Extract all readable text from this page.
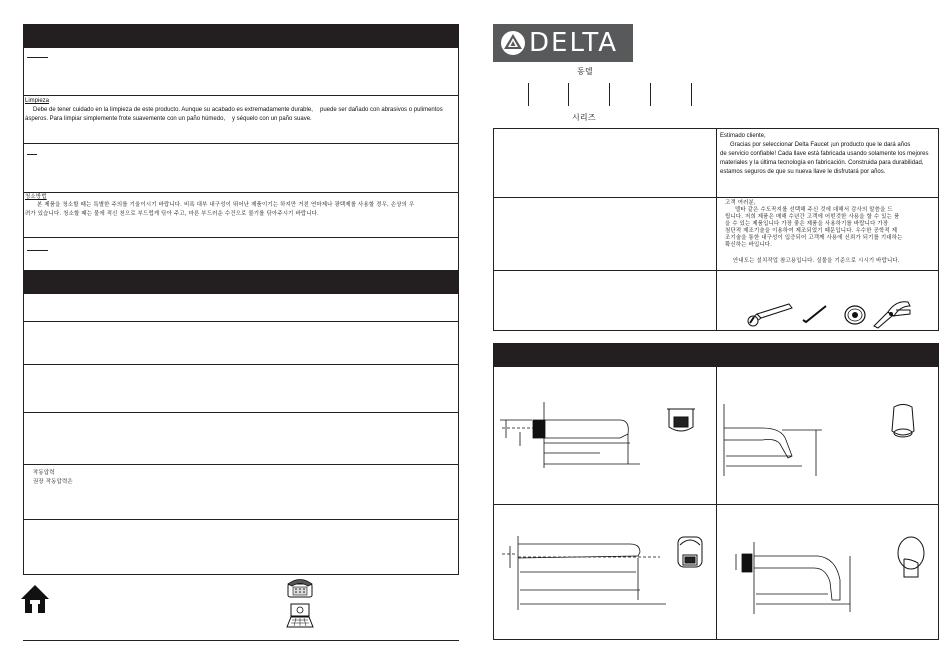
Limpieza
Debe de tener cuidado en la limpieza de este producto. Aunque su acabado es extremadamente durable, puede ser dañado con abrasivos o pulimentos
ásperos. Para limpiar simplemente frote suavemente con un paño húmedo, y séquelo con un paño suave.
청소방법
본 제품을 청소할 때는 특별한 주의를 기울이시기 바랍니다. 비록 대부 내구성이 뛰어난 제품이기는 하지만 거친 연마제나 광택제를 사용할 경우, 손상의 우
려가 있습니다. 청소할 때는 물에 적신 천으로 부드럽게 닦아 주고, 마른 부드러운 수건으로 물기를 닦아주시기 바랍니다.
작동압력
권장 작동압력은
DELTA
동델
시리즈
Estimado cliente,
Gracias por seleccionar Delta Faucet ¡un producto que le dará años
de servicio confiable! Cada llave está fabricada usando solamente los mejores
materiales y la última tecnología en fabricación. Construida para durabilidad,
estamos seguros de que su nueva llave le disfrutará por años.
고객 여러분,
델타 같은 수도꼭지를 선택해 주신 것에 대해서 감사의 말씀을 드
립니다. 저희 제품은 매해 수년간 고객에 어떤것한 사용을 할 수 있는 품
을 수 있는 제품입니다 가장 좋은 제품을 사용하기를 바랍니다 가장
첨단적 제조기술을 이용하여 제조되었기 때문입니다. 우수한 공학적 제
조기술을 통한 내구성이 입증되어 고객께 사용에 신뢰가 되기를 기대하는
확신하는 바입니다.
안내도는 설치작업 참고용입니다. 실물을 기준으로 시시기 바랍니다.
